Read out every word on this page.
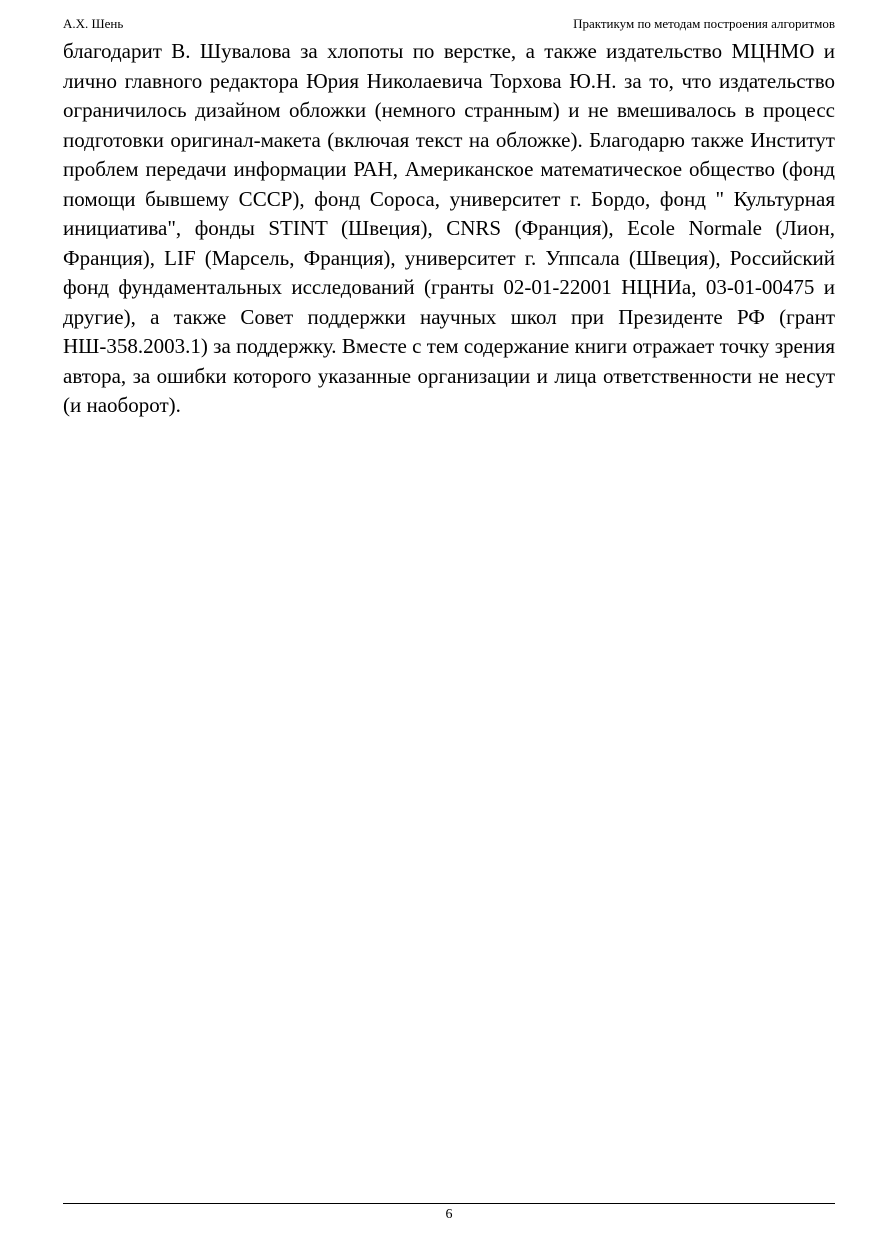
А.Х. Шень	Практикум по методам построения алгоритмов

благодарит В. Шувалова за хлопоты по верстке, а также издательство МЦНМО и лично главного редактора Юрия Николаевича Торхова Ю.Н. за то, что издательство ограничилось дизайном обложки (немного странным) и не вмешивалось в процесс подготовки оригинал-макета (включая текст на обложке). Благодарю также Институт проблем передачи информации РАН, Американское математическое общество (фонд помощи бывшему СССР), фонд Сороса, университет г. Бордо, фонд " Культурная инициатива", фонды STINT (Швеция), CNRS (Франция), Ecole Normale (Лион, Франция), LIF (Марсель, Франция), университет г. Уппсала (Швеция), Российский фонд фундаментальных исследований (гранты 02-01-22001 НЦНИа, 03-01-00475 и другие), а также Совет поддержки научных школ при Президенте РФ (грант НШ-358.2003.1) за поддержку. Вместе с тем содержание книги отражает точку зрения автора, за ошибки которого указанные организации и лица ответственности не несут (и наоборот).

6
